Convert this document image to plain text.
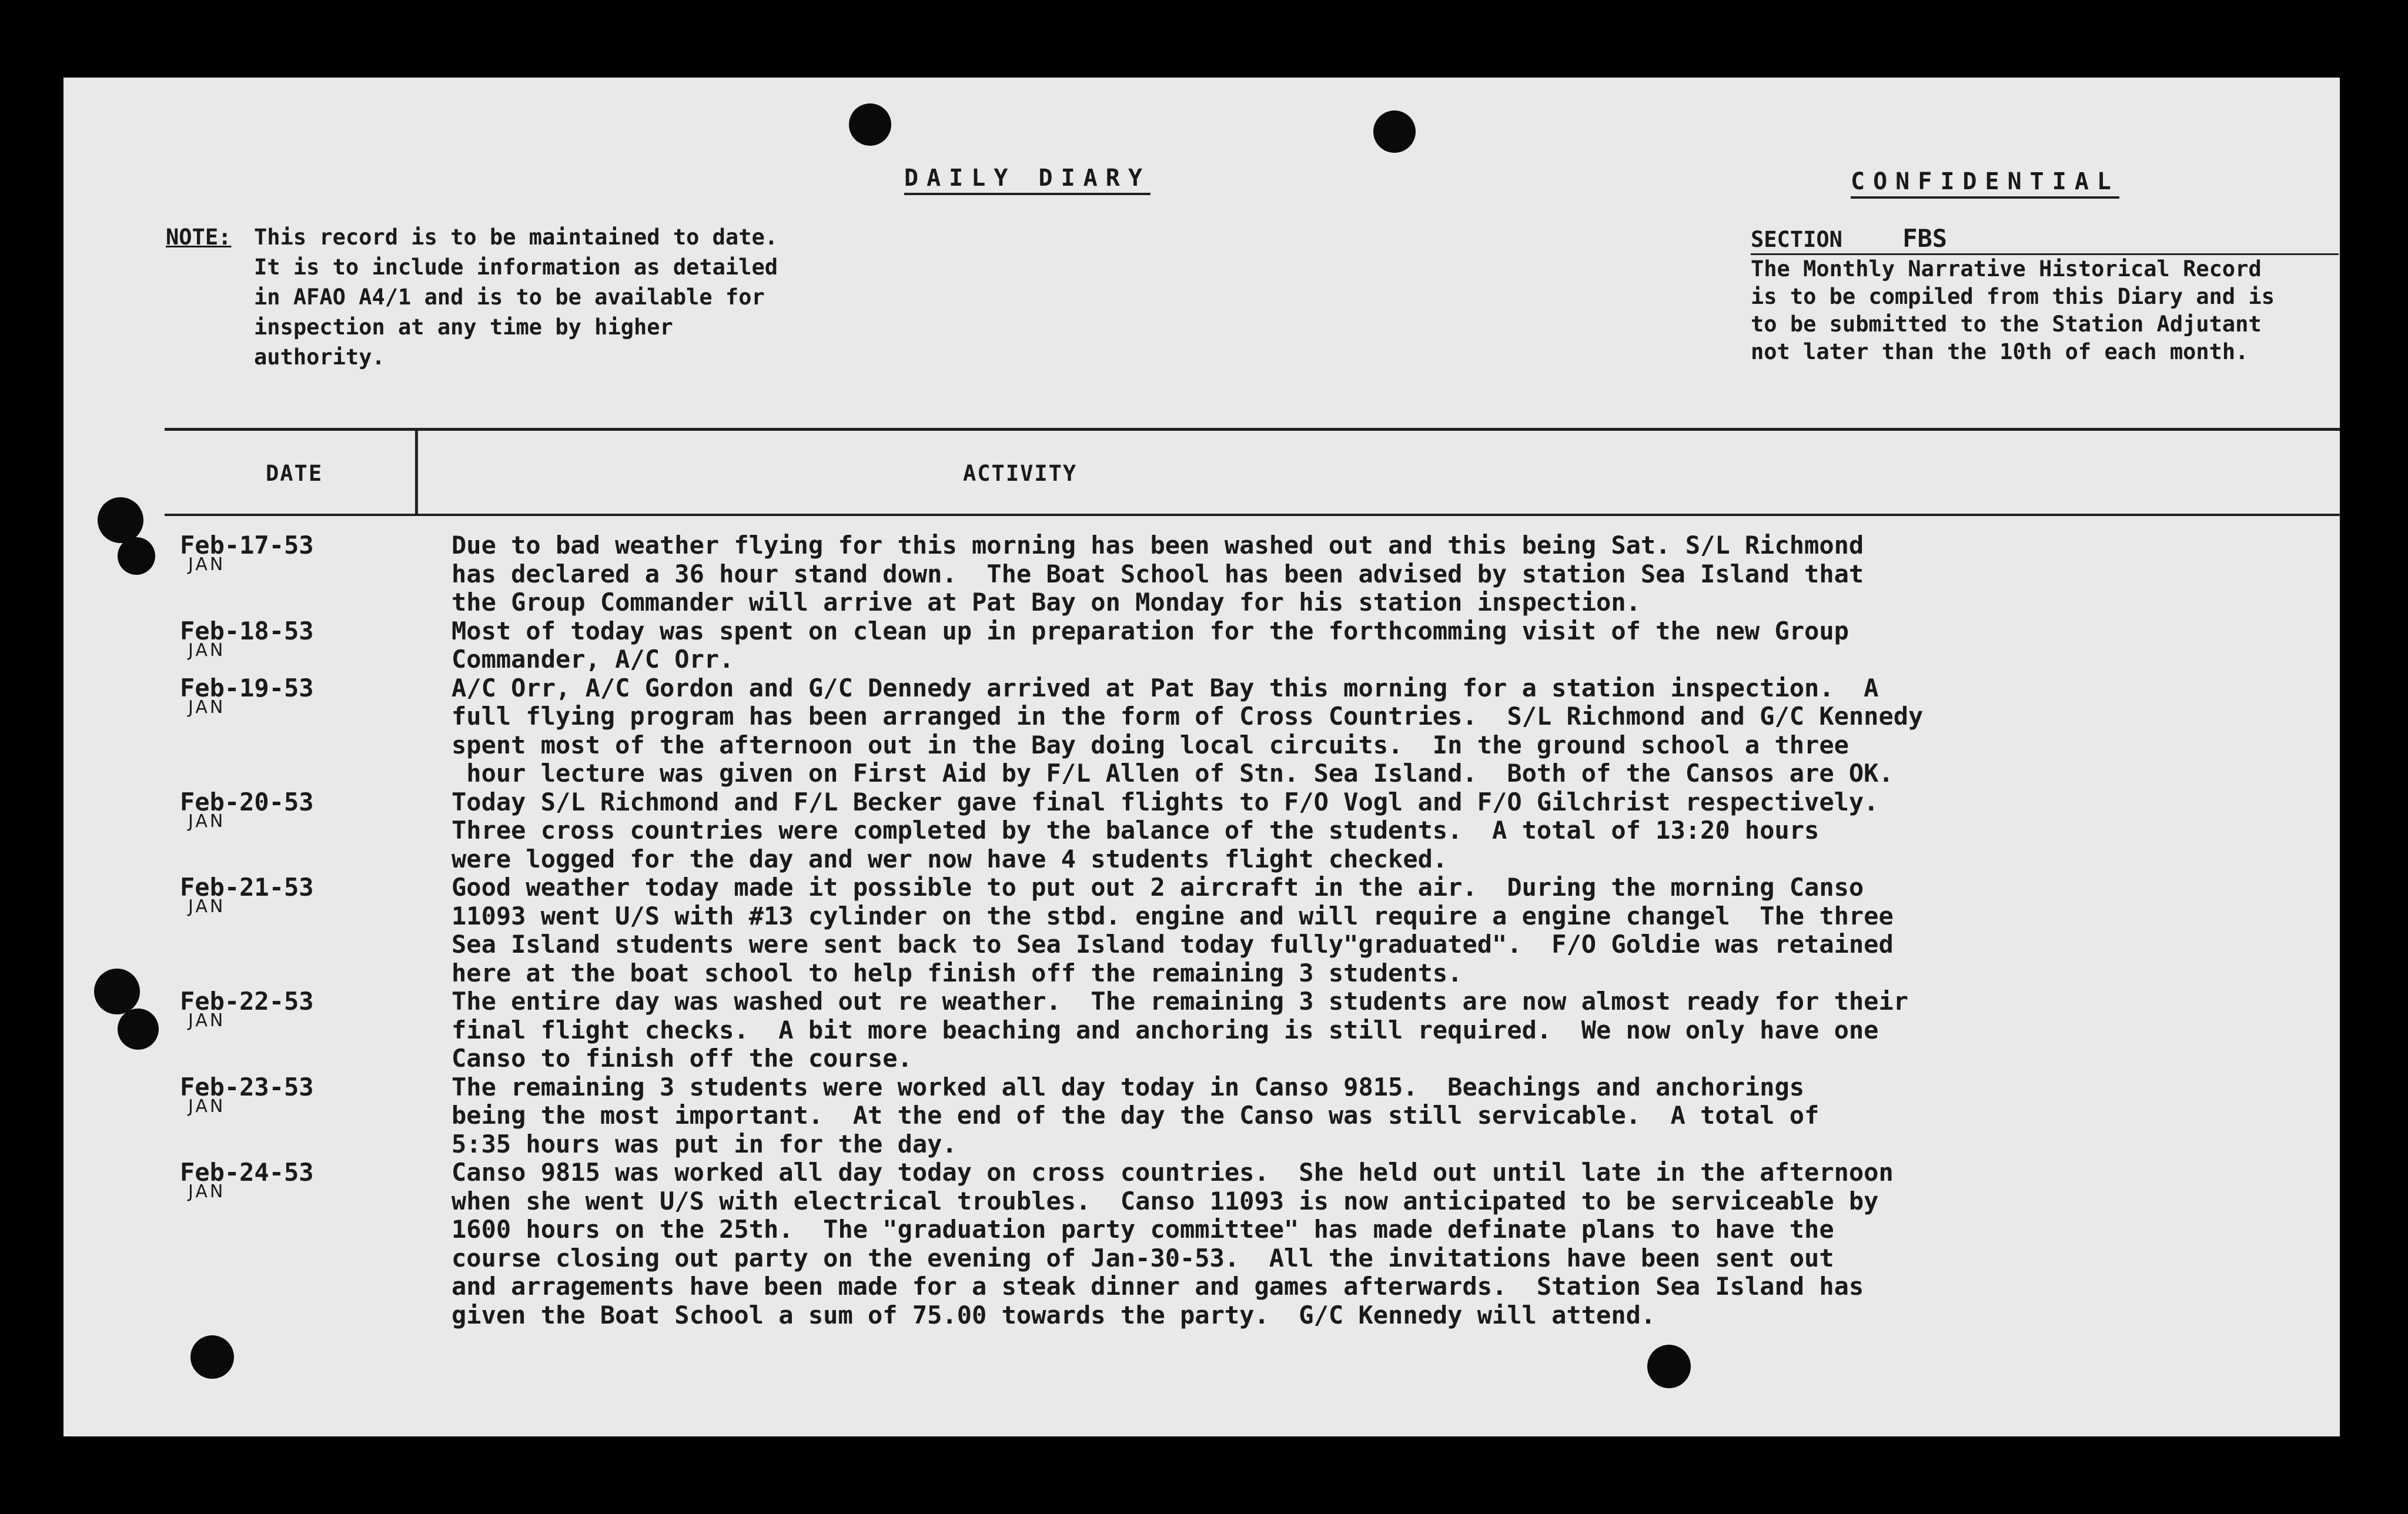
DAILY DIARY	CONFIDENTIAL
NOTE: This record is to be maintained to date.
It is to include information as detailed
in AFAO A4/1 and is to be available for
inspection at any time by higher
authority.
SECTION FBS
The Monthly Narrative Historical Record
is to be compiled from this Diary and is
to be submitted to the Station Adjutant
not later than the 10th of each month.
DATE	ACTIVITY
Feb-17-53
JAN
Due to bad weather flying for this morning has been washed out and this being Sat. S/L Richmond
has declared a 36 hour stand down.  The Boat School has been advised by station Sea Island that
the Group Commander will arrive at Pat Bay on Monday for his station inspection.
Feb-18-53
JAN
Most of today was spent on clean up in preparation for the forthcomming visit of the new Group
Commander, A/C Orr.
Feb-19-53
JAN
A/C Orr, A/C Gordon and G/C Dennedy arrived at Pat Bay this morning for a station inspection.  A
full flying program has been arranged in the form of Cross Countries.  S/L Richmond and G/C Kennedy
spent most of the afternoon out in the Bay doing local circuits.  In the ground school a three
hour lecture was given on First Aid by F/L Allen of Stn. Sea Island.  Both of the Cansos are OK.
Feb-20-53
JAN
Today S/L Richmond and F/L Becker gave final flights to F/O Vogl and F/O Gilchrist respectively.
Three cross countries were completed by the balance of the students.  A total of 13:20 hours
were logged for the day and wer now have 4 students flight checked.
Feb-21-53
JAN
Good weather today made it possible to put out 2 aircraft in the air.  During the morning Canso
11093 went U/S with #13 cylinder on the stbd. engine and will require a engine changel  The three
Sea Island students were sent back to Sea Island today fully"graduated".  F/O Goldie was retained
here at the boat school to help finish off the remaining 3 students.
Feb-22-53
JAN
The entire day was washed out re weather.  The remaining 3 students are now almost ready for their
final flight checks.  A bit more beaching and anchoring is still required.  We now only have one
Canso to finish off the course.
Feb-23-53
JAN
The remaining 3 students were worked all day today in Canso 9815.  Beachings and anchorings
being the most important.  At the end of the day the Canso was still servicable.  A total of
5:35 hours was put in for the day.
Feb-24-53
JAN
Canso 9815 was worked all day today on cross countries.  She held out until late in the afternoon
when she went U/S with electrical troubles.  Canso 11093 is now anticipated to be serviceable by
1600 hours on the 25th.  The "graduation party committee" has made definate plans to have the
course closing out party on the evening of Jan-30-53.  All the invitations have been sent out
and arragements have been made for a steak dinner and games afterwards.  Station Sea Island has
given the Boat School a sum of 75.00 towards the party.  G/C Kennedy will attend.
